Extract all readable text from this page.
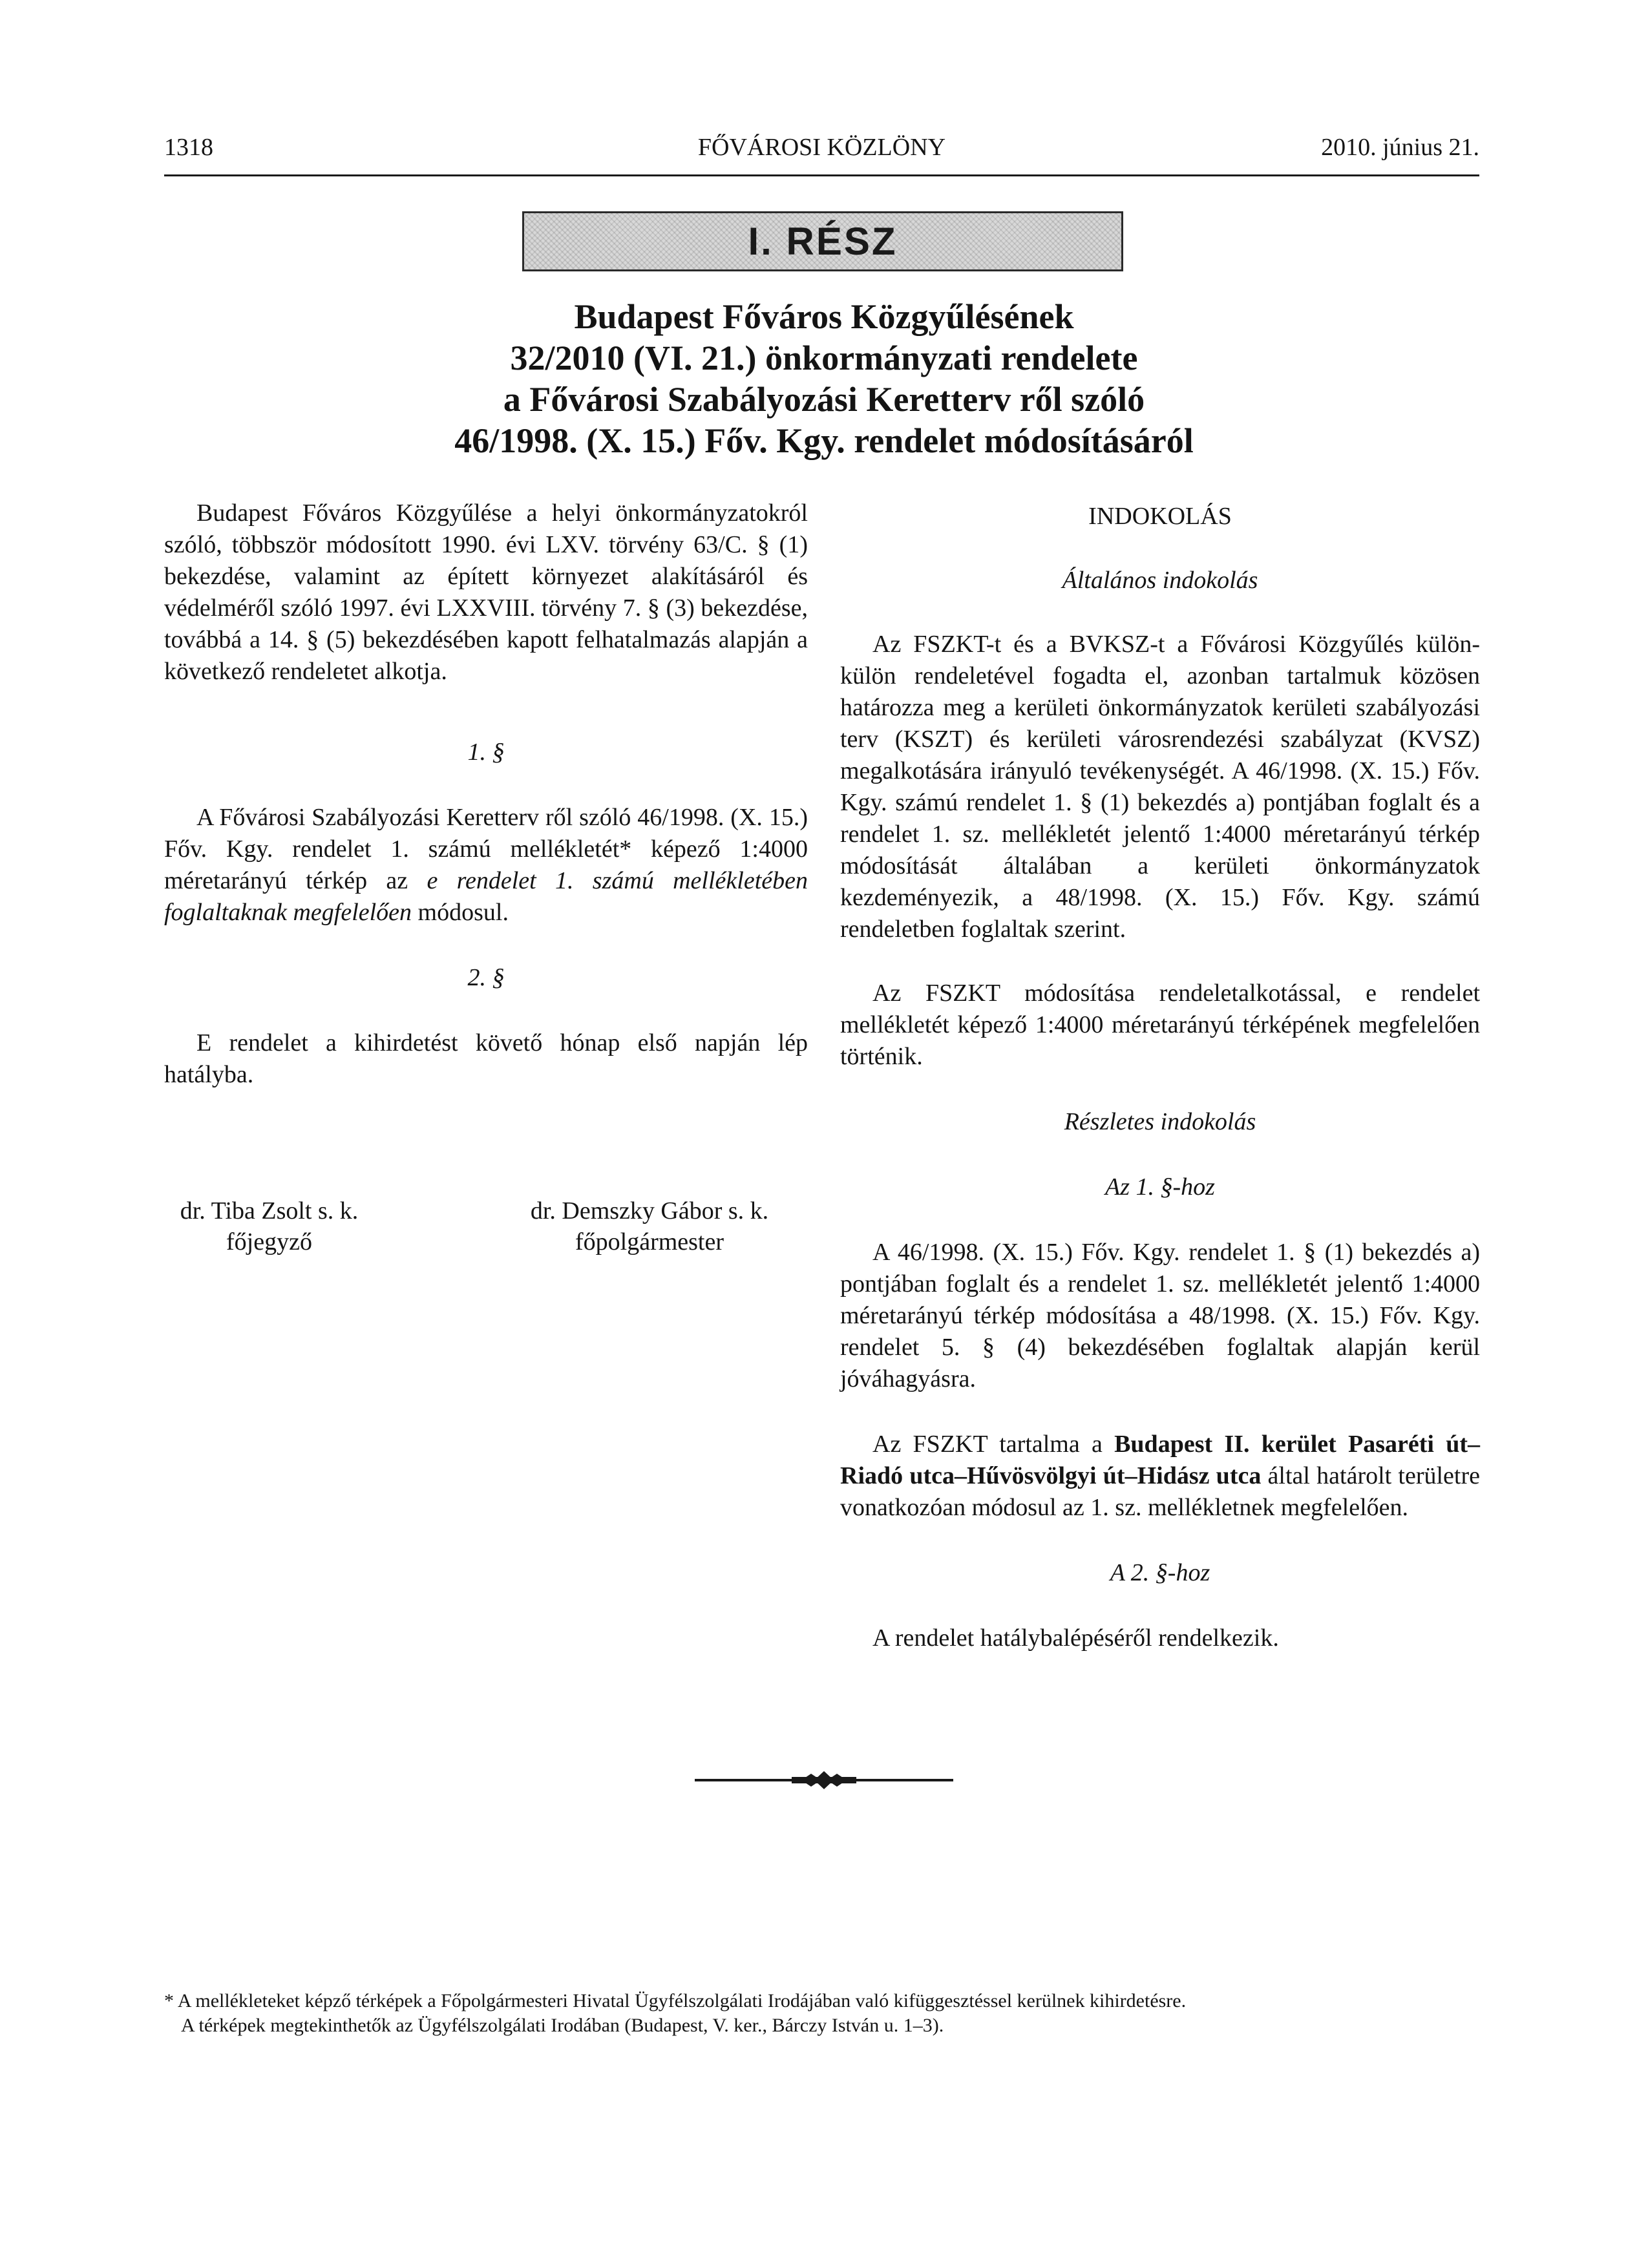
1318	FŐVÁROSI KÖZLÖNY	2010. június 21.
I. RÉSZ
Budapest Főváros Közgyűlésének
32/2010 (VI. 21.) önkormányzati rendelete
a Fővárosi Szabályozási Keretterv ről szóló
46/1998. (X. 15.) Főv. Kgy. rendelet módosításáról

Budapest Főváros Közgyűlése a helyi önkormányzatokról szóló, többször módosított 1990. évi LXV. törvény 63/C. § (1) bekezdése, valamint az épített környezet alakításáról és védelméről szóló 1997. évi LXXVIII. törvény 7. § (3) bekezdése, továbbá a 14. § (5) bekezdésében kapott felhatalmazás alapján a következő rendeletet alkotja.

1. §

A Fővárosi Szabályozási Keretterv ről szóló 46/1998. (X. 15.) Főv. Kgy. rendelet 1. számú mellékletét* képező 1:4000 méretarányú térkép az e rendelet 1. számú mellékletében foglaltaknak megfelelően módosul.

2. §

E rendelet a kihirdetést követő hónap első napján lép hatályba.

dr. Tiba Zsolt s. k.
főjegyző
dr. Demszky Gábor s. k.
főpolgármester

INDOKOLÁS

Általános indokolás

Az FSZKT-t és a BVKSZ-t a Fővárosi Közgyűlés külön-külön rendeletével fogadta el, azonban tartalmuk közösen határozza meg a kerületi önkormányzatok kerületi szabályozási terv (KSZT) és kerületi városrendezési szabályzat (KVSZ) megalkotására irányuló tevékenységét. A 46/1998. (X. 15.) Főv. Kgy. számú rendelet 1. § (1) bekezdés a) pontjában foglalt és a rendelet 1. sz. mellékletét jelentő 1:4000 méretarányú térkép módosítását általában a kerületi önkormányzatok kezdeményezik, a 48/1998. (X. 15.) Főv. Kgy. számú rendeletben foglaltak szerint.

Az FSZKT módosítása rendeletalkotással, e rendelet mellékletét képező 1:4000 méretarányú térképének megfelelően történik.

Részletes indokolás

Az 1. §-hoz

A 46/1998. (X. 15.) Főv. Kgy. rendelet 1. § (1) bekezdés a) pontjában foglalt és a rendelet 1. sz. mellékletét jelentő 1:4000 méretarányú térkép módosítása a 48/1998. (X. 15.) Főv. Kgy. rendelet 5. § (4) bekezdésében foglaltak alapján kerül jóváhagyásra.

Az FSZKT tartalma a Budapest II. kerület Pasaréti út–Riadó utca–Hűvösvölgyi út–Hidász utca által határolt területre vonatkozóan módosul az 1. sz. mellékletnek megfelelően.

A 2. §-hoz

A rendelet hatálybalépéséről rendelkezik.

* A mellékleteket képző térképek a Főpolgármesteri Hivatal Ügyfélszolgálati Irodájában való kifüggesztéssel kerülnek kihirdetésre.
A térképek megtekinthetők az Ügyfélszolgálati Irodában (Budapest, V. ker., Bárczy István u. 1–3).
